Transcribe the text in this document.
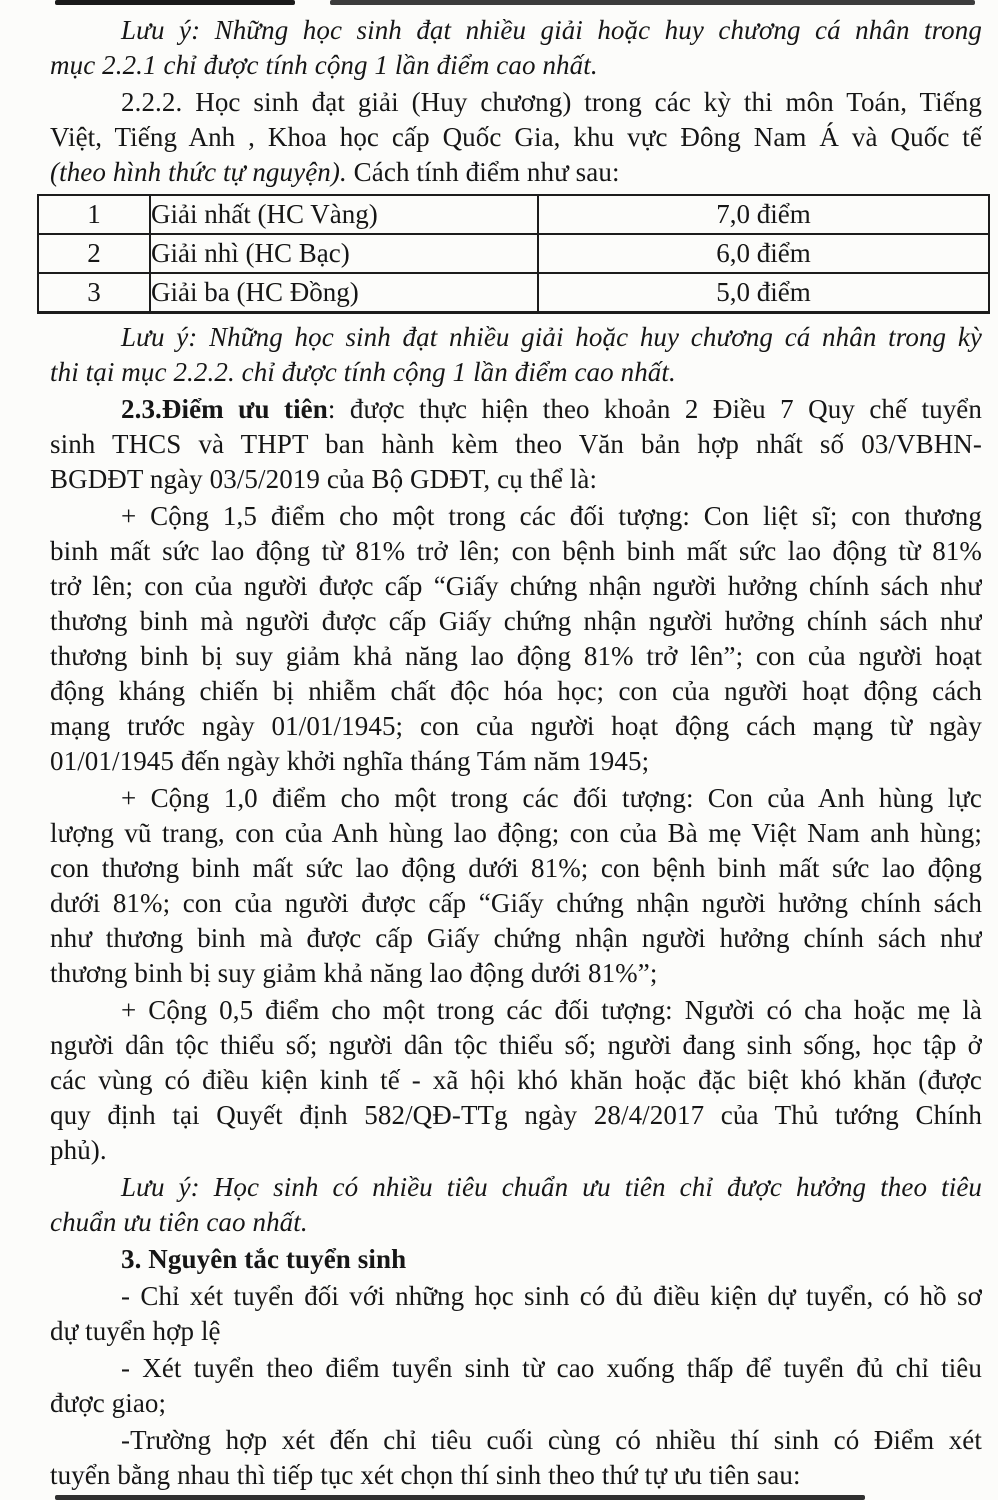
Lưu ý: Những học sinh đạt nhiều giải hoặc huy chương cá nhân trong
mục 2.2.1 chỉ được tính cộng 1 lần điểm cao nhất.
2.2.2. Học sinh đạt giải (Huy chương) trong các kỳ thi môn Toán, Tiếng
Việt, Tiếng Anh , Khoa học cấp Quốc Gia, khu vực Đông Nam Á và Quốc tế
(theo hình thức tự nguyện). Cách tính điểm như sau:
1	Giải nhất (HC Vàng)	7,0 điểm
2	Giải nhì (HC Bạc)	6,0 điểm
3	Giải ba (HC Đồng)	5,0 điểm
Lưu ý: Những học sinh đạt nhiều giải hoặc huy chương cá nhân trong kỳ
thi tại mục 2.2.2. chỉ được tính cộng 1 lần điểm cao nhất.
2.3.Điểm ưu tiên: được thực hiện theo khoản 2 Điều 7 Quy chế tuyển
sinh THCS và THPT ban hành kèm theo Văn bản hợp nhất số 03/VBHN-
BGDĐT ngày 03/5/2019 của Bộ GDĐT, cụ thể là:
+ Cộng 1,5 điểm cho một trong các đối tượng: Con liệt sĩ; con thương
binh mất sức lao động từ 81% trở lên; con bệnh binh mất sức lao động từ 81%
trở lên; con của người được cấp “Giấy chứng nhận người hưởng chính sách như
thương binh mà người được cấp Giấy chứng nhận người hưởng chính sách như
thương binh bị suy giảm khả năng lao động 81% trở lên”; con của người hoạt
động kháng chiến bị nhiễm chất độc hóa học; con của người hoạt động cách
mạng trước ngày 01/01/1945; con của người hoạt động cách mạng từ ngày
01/01/1945 đến ngày khởi nghĩa tháng Tám năm 1945;
+ Cộng 1,0 điểm cho một trong các đối tượng: Con của Anh hùng lực
lượng vũ trang, con của Anh hùng lao động; con của Bà mẹ Việt Nam anh hùng;
con thương binh mất sức lao động dưới 81%; con bệnh binh mất sức lao động
dưới 81%; con của người được cấp “Giấy chứng nhận người hưởng chính sách
như thương binh mà được cấp Giấy chứng nhận người hưởng chính sách như
thương binh bị suy giảm khả năng lao động dưới 81%”;
+ Cộng 0,5 điểm cho một trong các đối tượng: Người có cha hoặc mẹ là
người dân tộc thiểu số; người dân tộc thiểu số; người đang sinh sống, học tập ở
các vùng có điều kiện kinh tế - xã hội khó khăn hoặc đặc biệt khó khăn (được
quy định tại Quyết định 582/QĐ-TTg ngày 28/4/2017 của Thủ tướng Chính
phủ).
Lưu ý: Học sinh có nhiều tiêu chuẩn ưu tiên chỉ được hưởng theo tiêu
chuẩn ưu tiên cao nhất.
3. Nguyên tắc tuyển sinh
- Chỉ xét tuyển đối với những học sinh có đủ điều kiện dự tuyển, có hồ sơ
dự tuyển hợp lệ
- Xét tuyển theo điểm tuyển sinh từ cao xuống thấp để tuyển đủ chỉ tiêu
được giao;
-Trường hợp xét đến chỉ tiêu cuối cùng có nhiều thí sinh có Điểm xét
tuyển bằng nhau thì tiếp tục xét chọn thí sinh theo thứ tự ưu tiên sau:
